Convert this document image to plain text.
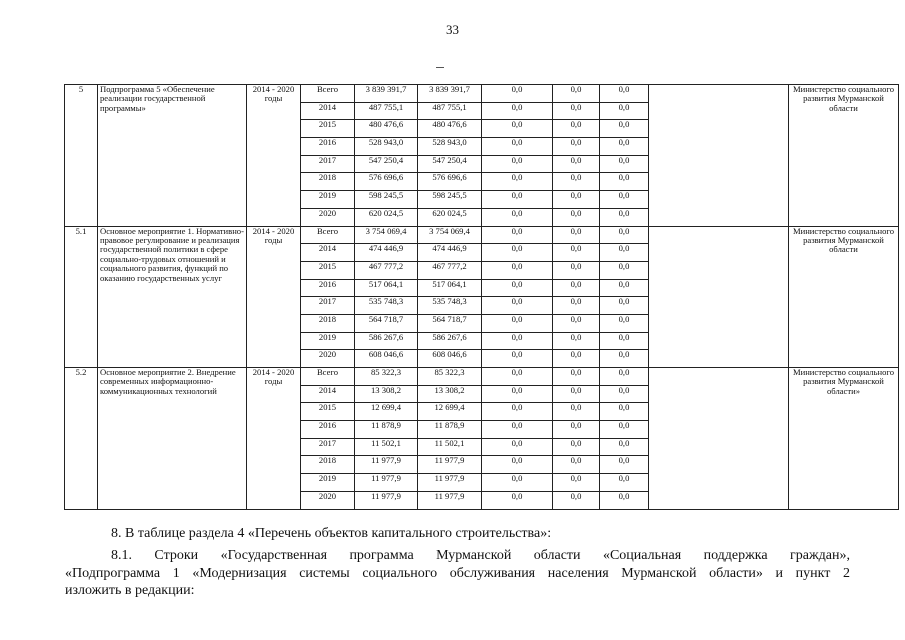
33
5	Подпрограмма 5 «Обеспечение реализации государственной программы»	2014 - 2020 годы	Всего	3 839 391,7	3 839 391,7	0,0	0,0	0,0		Министерство социального развития Мурманской области
			2014	487 755,1	487 755,1	0,0	0,0	0,0		
			2015	480 476,6	480 476,6	0,0	0,0	0,0		
			2016	528 943,0	528 943,0	0,0	0,0	0,0		
			2017	547 250,4	547 250,4	0,0	0,0	0,0		
			2018	576 696,6	576 696,6	0,0	0,0	0,0		
			2019	598 245,5	598 245,5	0,0	0,0	0,0		
			2020	620 024,5	620 024,5	0,0	0,0	0,0		
5.1	Основное мероприятие 1. Нормативно-правовое регулирование и реализация государственной политики в сфере социально-трудовых отношений и социального развития, функций по оказанию государственных услуг	2014 - 2020 годы	Всего	3 754 069,4	3 754 069,4	0,0	0,0	0,0		Министерство социального развития Мурманской области
			2014	474 446,9	474 446,9	0,0	0,0	0,0		
			2015	467 777,2	467 777,2	0,0	0,0	0,0		
			2016	517 064,1	517 064,1	0,0	0,0	0,0		
			2017	535 748,3	535 748,3	0,0	0,0	0,0		
			2018	564 718,7	564 718,7	0,0	0,0	0,0		
			2019	586 267,6	586 267,6	0,0	0,0	0,0		
			2020	608 046,6	608 046,6	0,0	0,0	0,0		
5.2	Основное мероприятие 2. Внедрение современных информационно-коммуникационных технологий	2014 - 2020 годы	Всего	85 322,3	85 322,3	0,0	0,0	0,0		Министерство социального развития Мурманской области»
			2014	13 308,2	13 308,2	0,0	0,0	0,0		
			2015	12 699,4	12 699,4	0,0	0,0	0,0		
			2016	11 878,9	11 878,9	0,0	0,0	0,0		
			2017	11 502,1	11 502,1	0,0	0,0	0,0		
			2018	11 977,9	11 977,9	0,0	0,0	0,0		
			2019	11 977,9	11 977,9	0,0	0,0	0,0		
			2020	11 977,9	11 977,9	0,0	0,0	0,0		
8. В таблице раздела 4 «Перечень объектов капитального строительства»:
8.1. Строки «Государственная программа Мурманской области «Социальная поддержка граждан»,
«Подпрограмма 1 «Модернизация системы социального обслуживания населения Мурманской области» и пункт 2
изложить в редакции:
